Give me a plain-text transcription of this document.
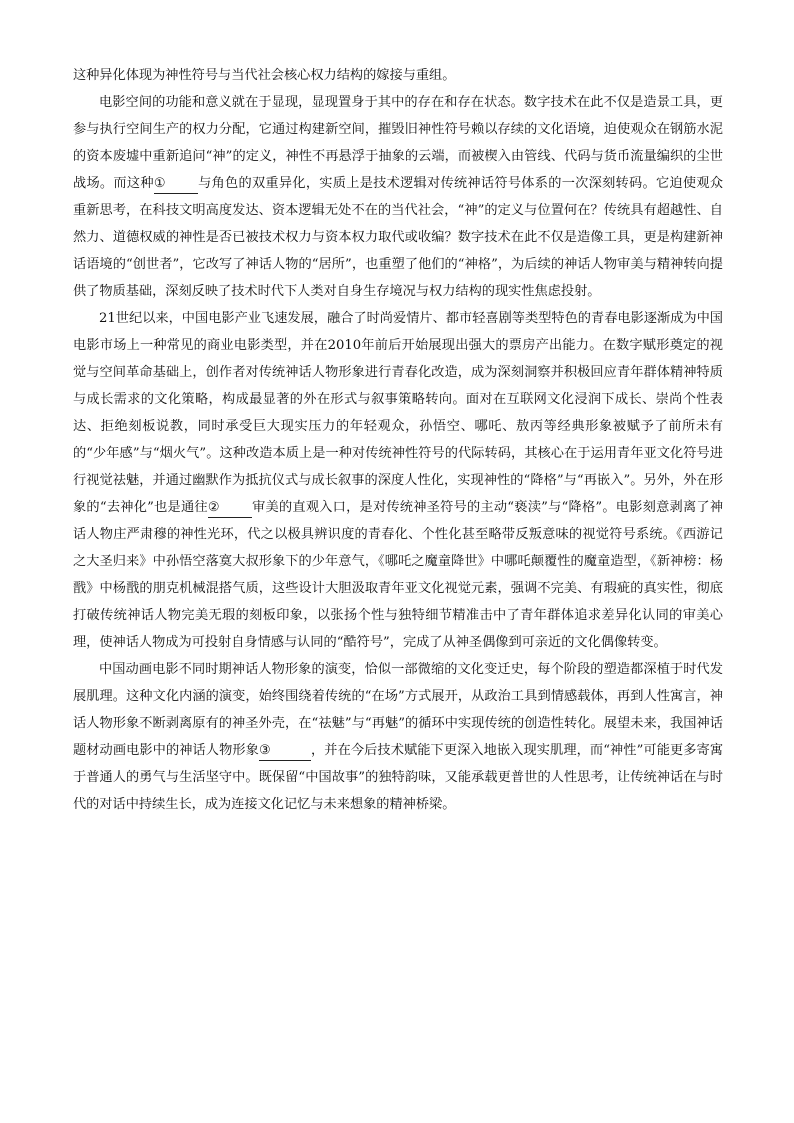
这种异化体现为神性符号与当代社会核心权力结构的嫁接与重组。

电影空间的功能和意义就在于显现，显现置身于其中的存在和存在状态。数字技术在此不仅是造景工具，更参与执行空间生产的权力分配，它通过构建新空间，摧毁旧神性符号赖以存续的文化语境，迫使观众在钢筋水泥的资本废墟中重新追问“神”的定义，神性不再悬浮于抽象的云端，而被楔入由管线、代码与货币流量编织的尘世战场。而这种① 与角色的双重异化，实质上是技术逻辑对传统神话符号体系的一次深刻转码。它迫使观众重新思考，在科技文明高度发达、资本逻辑无处不在的当代社会，“神”的定义与位置何在？传统具有超越性、自然力、道德权威的神性是否已被技术权力与资本权力取代或收编？数字技术在此不仅是造像工具，更是构建新神话语境的“创世者”，它改写了神话人物的“居所”，也重塑了他们的“神格”，为后续的神话人物审美与精神转向提供了物质基础，深刻反映了技术时代下人类对自身生存境况与权力结构的现实性焦虑投射。

21世纪以来，中国电影产业飞速发展，融合了时尚爱情片、都市轻喜剧等类型特色的青春电影逐渐成为中国电影市场上一种常见的商业电影类型，并在2010年前后开始展现出强大的票房产出能力。在数字赋形奠定的视觉与空间革命基础上，创作者对传统神话人物形象进行青春化改造，成为深刻洞察并积极回应青年群体精神特质与成长需求的文化策略，构成最显著的外在形式与叙事策略转向。面对在互联网文化浸润下成长、崇尚个性表达、拒绝刻板说教，同时承受巨大现实压力的年轻观众，孙悟空、哪吒、敖丙等经典形象被赋予了前所未有的“少年感”与“烟火气”。这种改造本质上是一种对传统神性符号的代际转码，其核心在于运用青年亚文化符号进行视觉祛魅，并通过幽默作为抵抗仪式与成长叙事的深度人性化，实现神性的“降格”与“再嵌入”。另外，外在形象的“去神化”也是通往② 审美的直观入口，是对传统神圣符号的主动“亵渎”与“降格”。电影刻意剥离了神话人物庄严肃穆的神性光环，代之以极具辨识度的青春化、个性化甚至略带反叛意味的视觉符号系统。《西游记之大圣归来》中孙悟空落寞大叔形象下的少年意气，《哪吒之魔童降世》中哪吒颠覆性的魔童造型，《新神榜：杨戬》中杨戬的朋克机械混搭气质，这些设计大胆汲取青年亚文化视觉元素，强调不完美、有瑕疵的真实性，彻底打破传统神话人物完美无瑕的刻板印象，以张扬个性与独特细节精准击中了青年群体追求差异化认同的审美心理，使神话人物成为可投射自身情感与认同的“酷符号”，完成了从神圣偶像到可亲近的文化偶像转变。

中国动画电影不同时期神话人物形象的演变，恰似一部微缩的文化变迁史，每个阶段的塑造都深植于时代发展肌理。这种文化内涵的演变，始终围绕着传统的“在场”方式展开，从政治工具到情感载体，再到人性寓言，神话人物形象不断剥离原有的神圣外壳，在“祛魅”与“再魅”的循环中实现传统的创造性转化。展望未来，我国神话题材动画电影中的神话人物形象③	，并在今后技术赋能下更深入地嵌入现实肌理，而“神性”可能更多寄寓于普通人的勇气与生活坚守中。既保留“中国故事”的独特韵味，又能承载更普世的人性思考，让传统神话在与时代的对话中持续生长，成为连接文化记忆与未来想象的精神桥梁。
